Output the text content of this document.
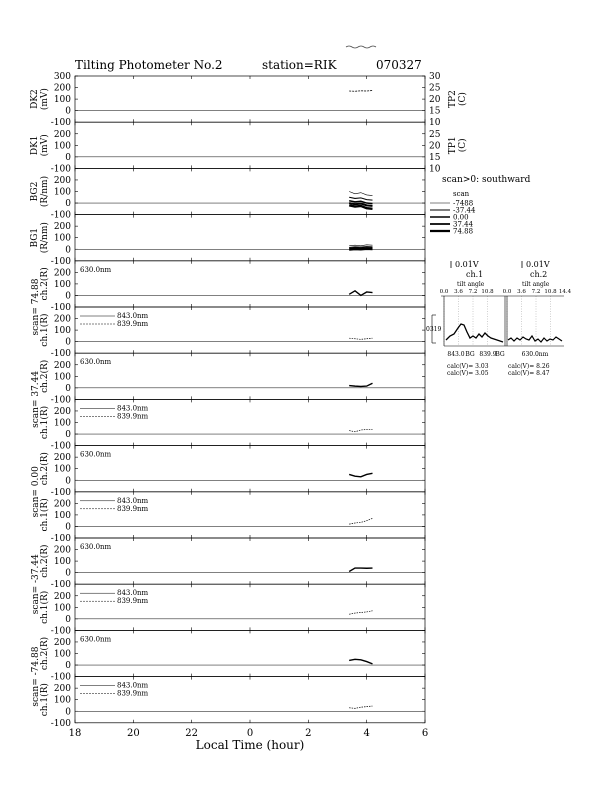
Tilting Photometer No.2	station=RIK	070327
300
200
100
0
-100
200
100
0
-100
200
100
0
-100
200
100
0
-100
200
100
0
-100
200
100
0
-100
200
100
0
-100
200
100
0
-100
200
100
0
-100
200
100
0
-100
200
100
0
-100
200
100
0
-100
200
100
0
-100
200
100
0
-100
30
25
20
15
10
25
20
15
10
TP2 (C)
TP1 (C)
630.0nm
843.0nm
839.9nm
630.0nm
843.0nm
839.9nm
630.0nm
843.0nm
839.9nm
630.0nm
843.0nm
839.9nm
630.0nm
843.0nm
839.9nm
DK2 (mV)
DK1 (mV)
BG2 (R/nm)
BG1 (R/nm)
ch.2(R)
ch.1(R)
scan= 74.88
ch.2(R)
ch.1(R)
scan= 37.44
ch.2(R)
ch.1(R)
scan= 0.00
ch.2(R)
ch.1(R)
scan= -37.44
ch.2(R)
ch.1(R)
scan= -74.88
18	20	22	0	2	4	6
Local Time (hour)
scan>0: southward
scan
-7488
-37.44
0.00
37.44
74.88
0.01V	0.01V
ch.1	ch.2
tilt angle	tilt angle
0.0 3.6 7.2 10.8 0.0 3.6 7.2 10.8 14.4
0319
843.0 BG 839.9
BG	630.0nm
calc(V)= 3.03
calc(V)= 3.05
calc(V)= 8.26
calc(V)= 8.47
